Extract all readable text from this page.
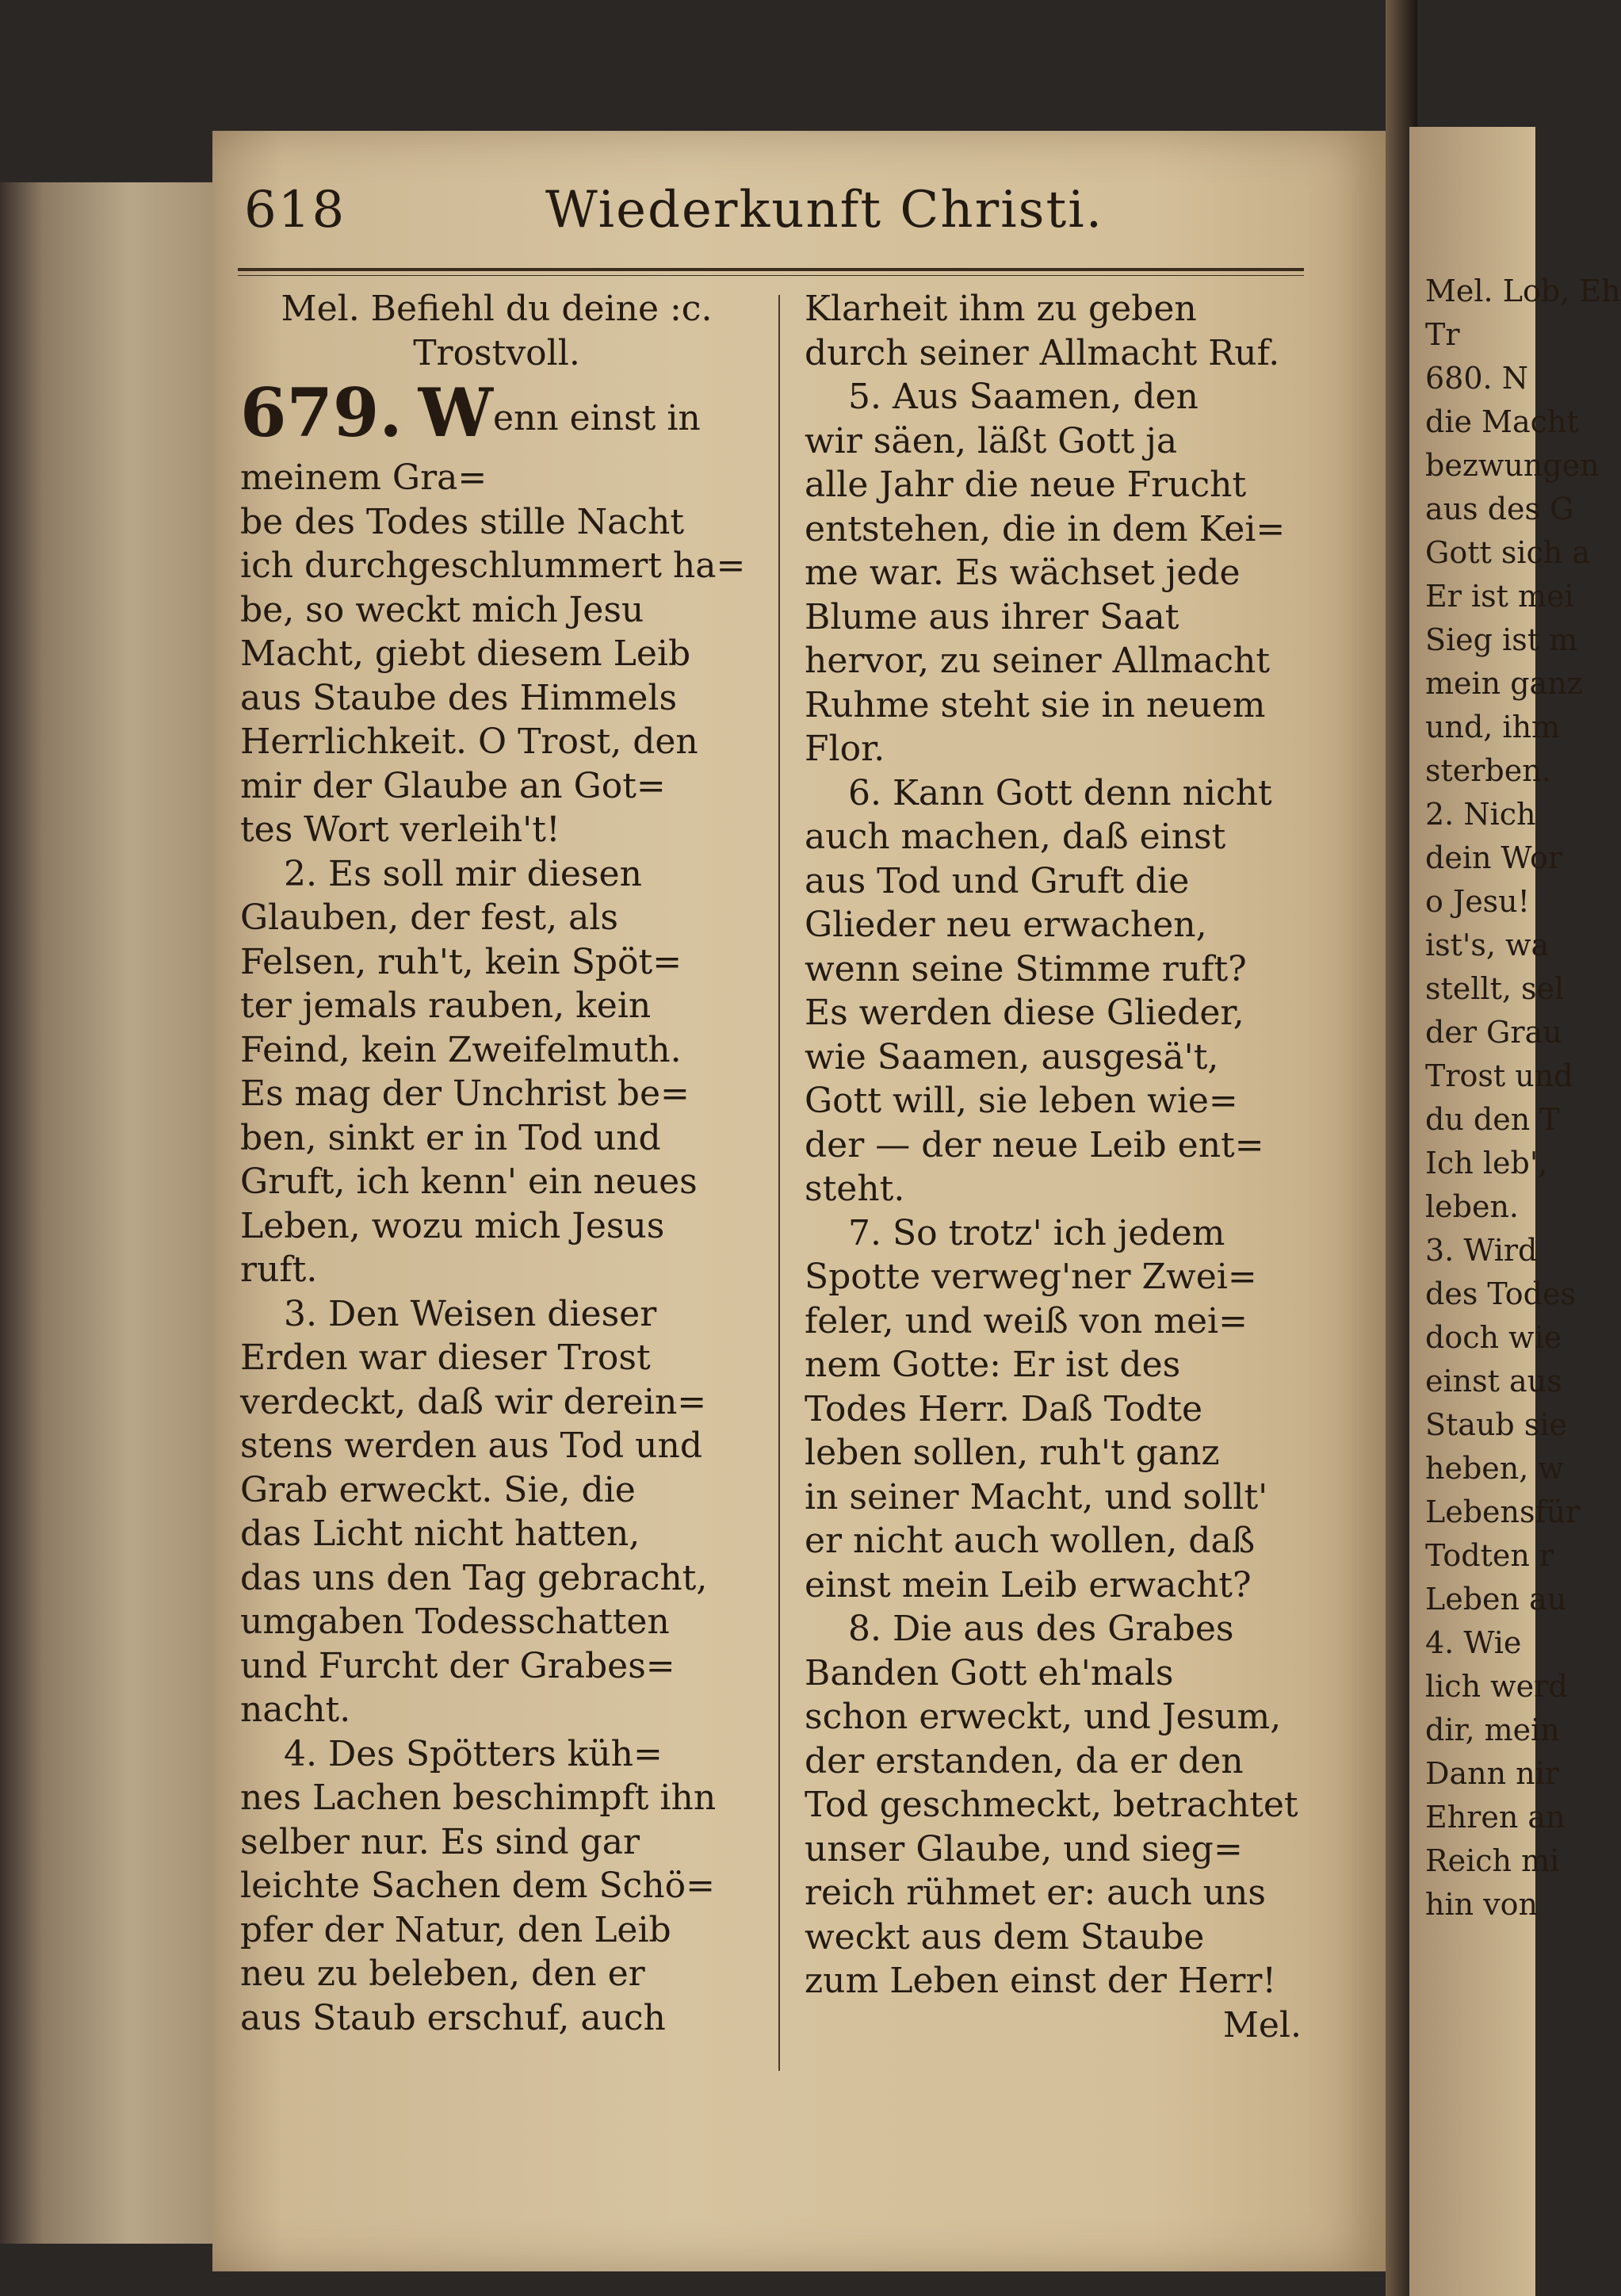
Mel. Lob, Eh
Tr
680. N
die Macht
bezwungen
aus des G
Gott sich a
Er ist mei
Sieg ist m
mein ganz
und, ihm
sterben.
2. Nich
dein Wor
o Jesu!
ist's, wa
stellt, sel
der Grau
Trost und
du den T
Ich leb',
leben.
3. Wird
des Todes
doch wie
einst aus
Staub sie
heben, w
Lebensfür
Todten r
Leben au
4. Wie
lich werd
dir, mein
Dann nir
Ehren an
Reich mi
hin von
618	Wiederkunft Christi.
Mel. Befiehl du deine :c.
Trostvoll.
679. Wenn einst in
meinem Gra=
be des Todes stille Nacht
ich durchgeschlummert ha=
be, so weckt mich Jesu
Macht, giebt diesem Leib
aus Staube des Himmels
Herrlichkeit. O Trost, den
mir der Glaube an Got=
tes Wort verleih't!
2. Es soll mir diesen
Glauben, der fest, als
Felsen, ruh't, kein Spöt=
ter jemals rauben, kein
Feind, kein Zweifelmuth.
Es mag der Unchrist be=
ben, sinkt er in Tod und
Gruft, ich kenn' ein neues
Leben, wozu mich Jesus
ruft.
3. Den Weisen dieser
Erden war dieser Trost
verdeckt, daß wir derein=
stens werden aus Tod und
Grab erweckt. Sie, die
das Licht nicht hatten,
das uns den Tag gebracht,
umgaben Todesschatten
und Furcht der Grabes=
nacht.
4. Des Spötters küh=
nes Lachen beschimpft ihn
selber nur. Es sind gar
leichte Sachen dem Schö=
pfer der Natur, den Leib
neu zu beleben, den er
aus Staub erschuf, auch
Klarheit ihm zu geben
durch seiner Allmacht Ruf.
5. Aus Saamen, den
wir säen, läßt Gott ja
alle Jahr die neue Frucht
entstehen, die in dem Kei=
me war. Es wächset jede
Blume aus ihrer Saat
hervor, zu seiner Allmacht
Ruhme steht sie in neuem
Flor.
6. Kann Gott denn nicht
auch machen, daß einst
aus Tod und Gruft die
Glieder neu erwachen,
wenn seine Stimme ruft?
Es werden diese Glieder,
wie Saamen, ausgesä't,
Gott will, sie leben wie=
der — der neue Leib ent=
steht.
7. So trotz' ich jedem
Spotte verweg'ner Zwei=
feler, und weiß von mei=
nem Gotte: Er ist des
Todes Herr. Daß Todte
leben sollen, ruh't ganz
in seiner Macht, und sollt'
er nicht auch wollen, daß
einst mein Leib erwacht?
8. Die aus des Grabes
Banden Gott eh'mals
schon erweckt, und Jesum,
der erstanden, da er den
Tod geschmeckt, betrachtet
unser Glaube, und sieg=
reich rühmet er: auch uns
weckt aus dem Staube
zum Leben einst der Herr!
Mel.
